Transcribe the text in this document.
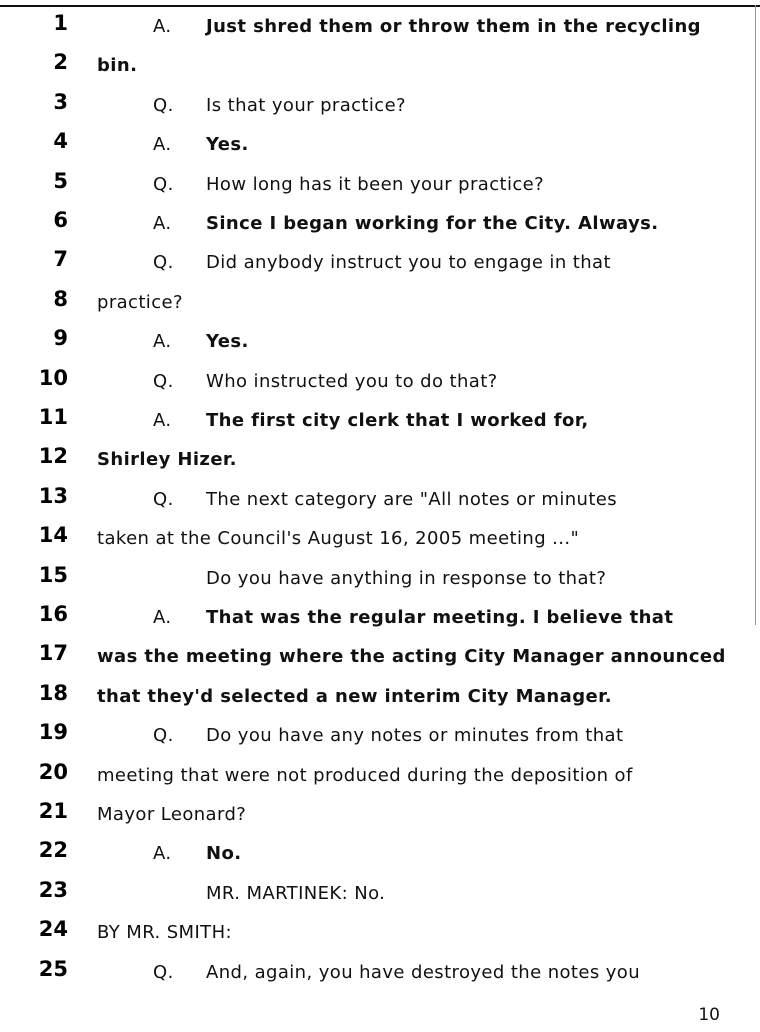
1	A. Just shred them or throw them in the recycling
2 bin.
3	Q. Is that your practice?
4	A. Yes.
5	Q. How long has it been your practice?
6	A. Since I began working for the City. Always.
7	Q. Did anybody instruct you to engage in that
8 practice?
9	A. Yes.
10	Q. Who instructed you to do that?
11	A. The first city clerk that I worked for,
12 Shirley Hizer.
13	Q. The next category are "All notes or minutes
14 taken at the Council's August 16, 2005 meeting ..."
15	Do you have anything in response to that?
16	A. That was the regular meeting. I believe that
17 was the meeting where the acting City Manager announced
18 that they'd selected a new interim City Manager.
19	Q. Do you have any notes or minutes from that
20 meeting that were not produced during the deposition of
21 Mayor Leonard?
22	A. No.
23	MR. MARTINEK: No.
24 BY MR. SMITH:
25	Q. And, again, you have destroyed the notes you
10
